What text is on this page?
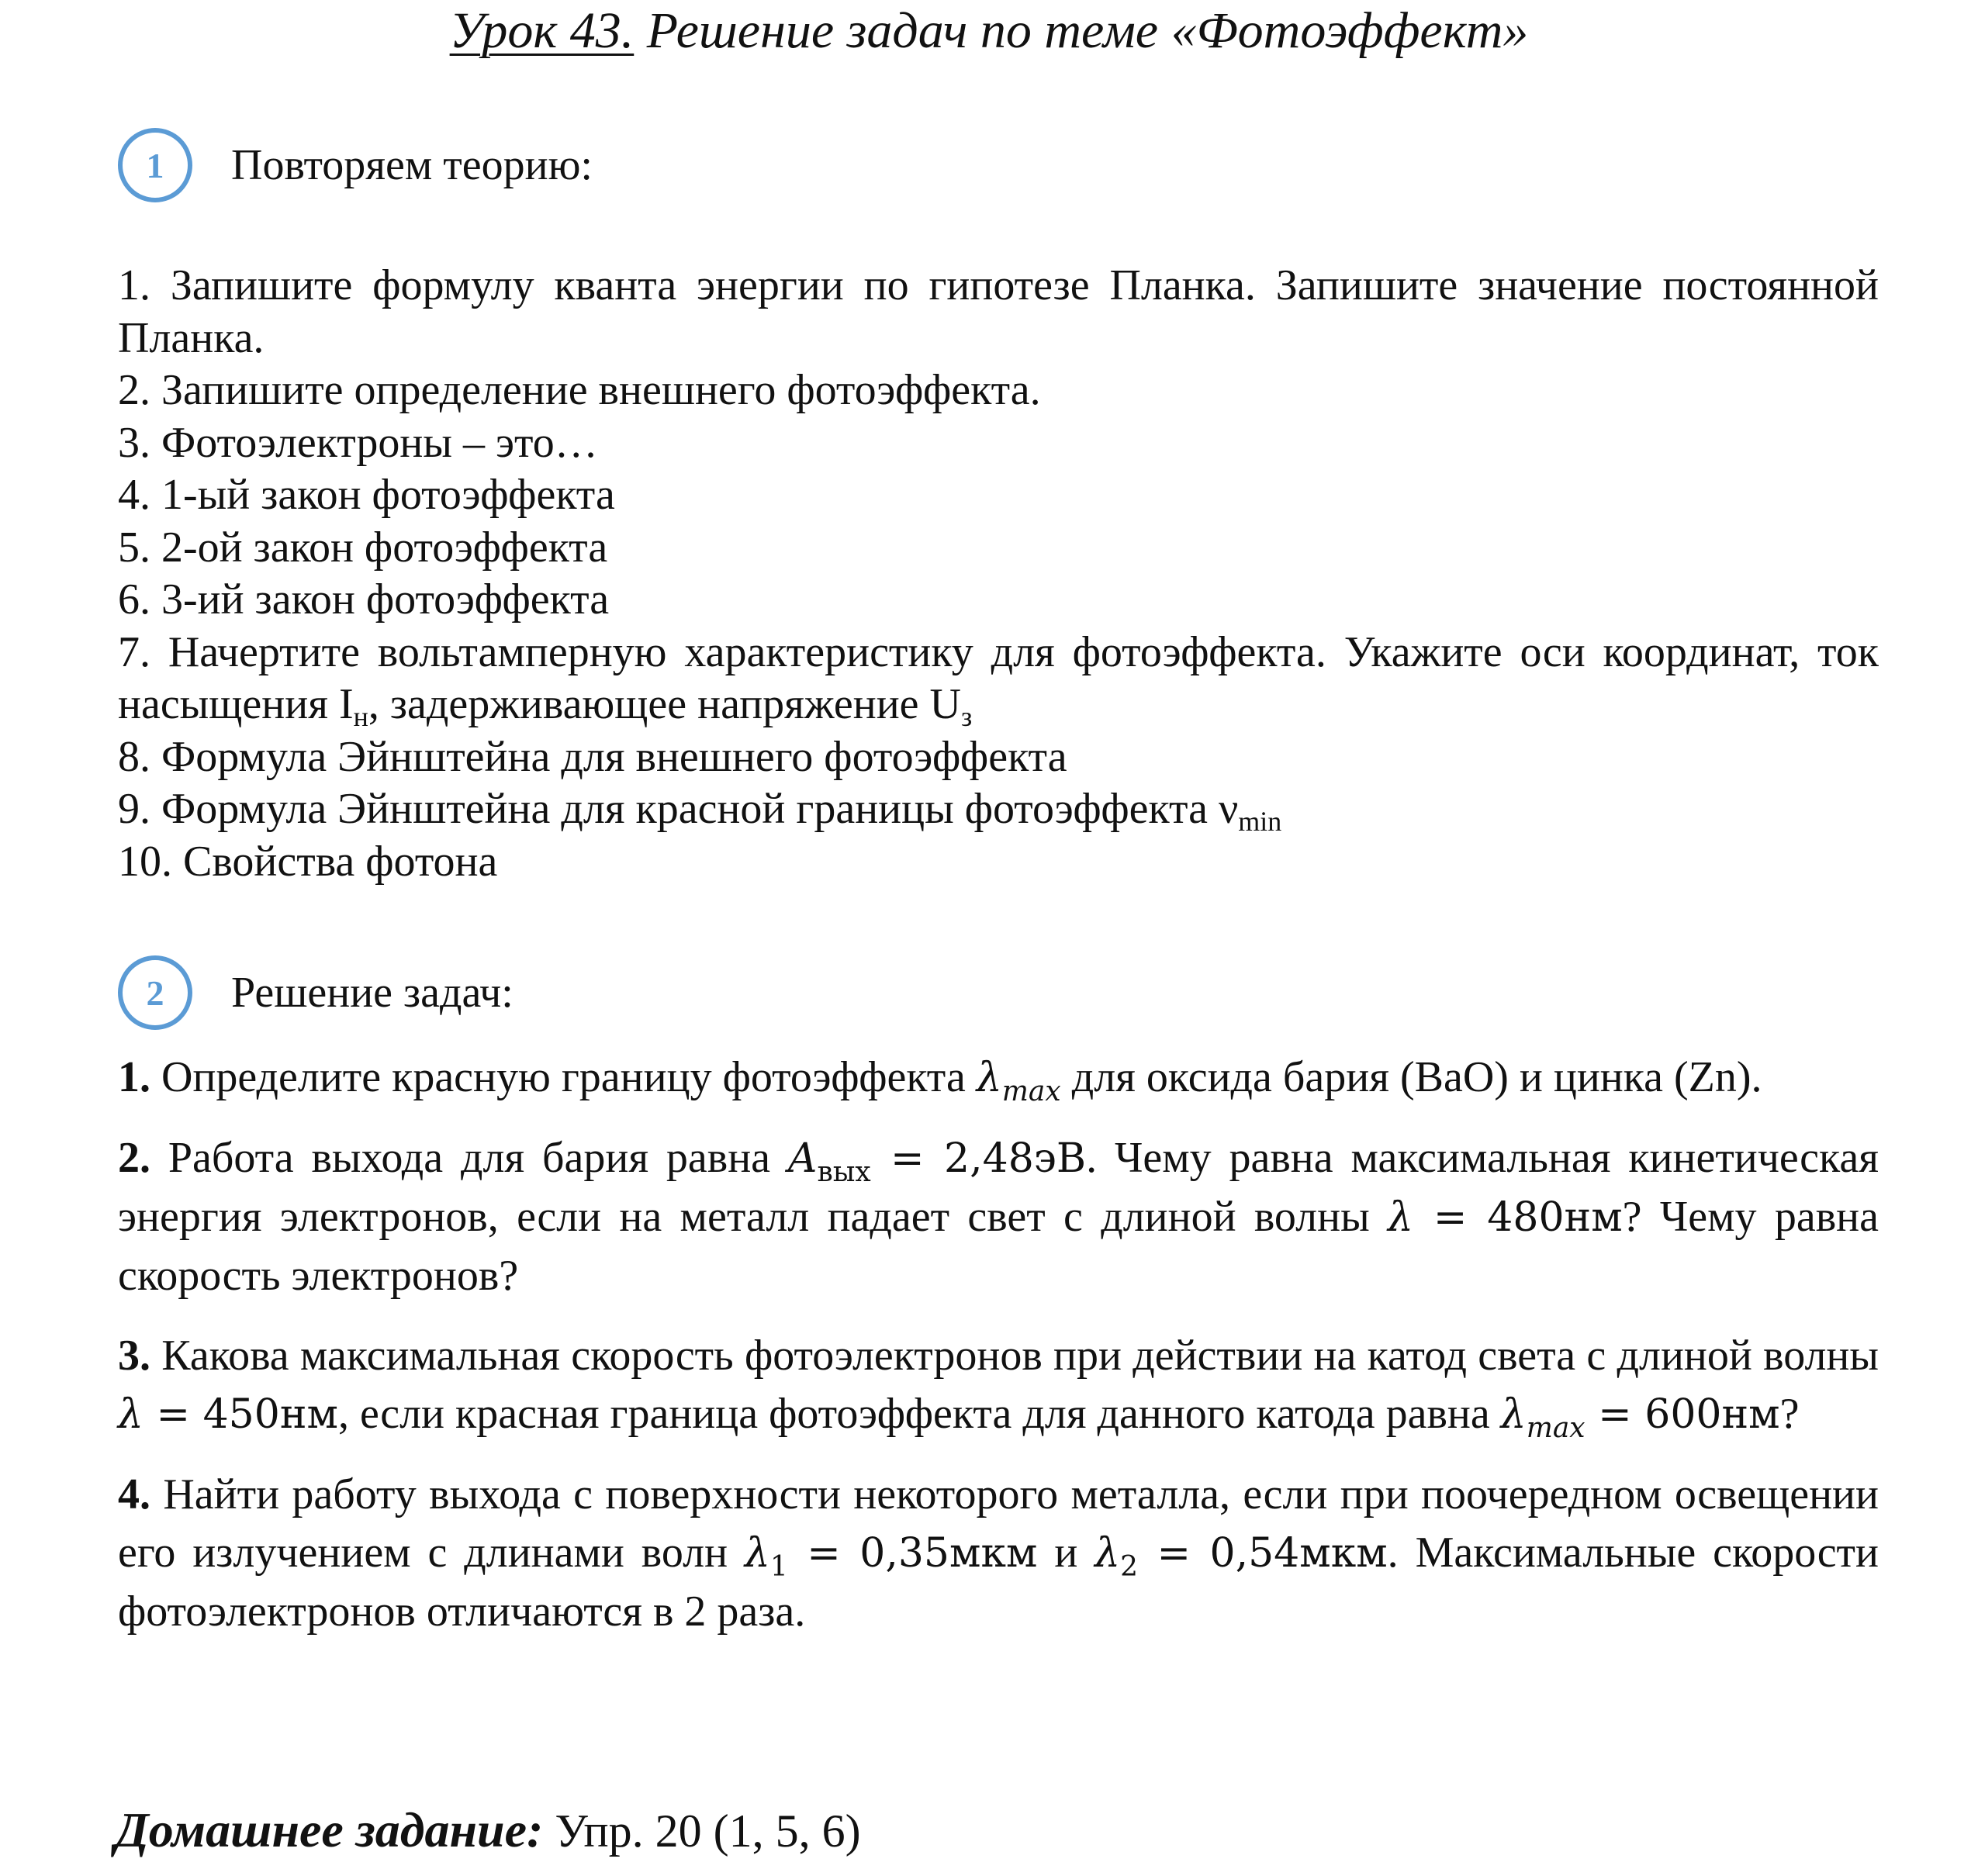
Урок 43. Решение задач по теме «Фотоэффект»
1	Повторяем теорию:
1. Запишите формулу кванта энергии по гипотезе Планка. Запишите значение постоянной Планка.
2. Запишите определение внешнего фотоэффекта.
3. Фотоэлектроны – это…
4. 1-ый закон фотоэффекта
5. 2-ой закон фотоэффекта
6. 3-ий закон фотоэффекта
7. Начертите вольтамперную характеристику для фотоэффекта. Укажите оси координат, ток насыщения $I_н$, задерживающее напряжение $U_з$
8. Формула Эйнштейна для внешнего фотоэффекта
9. Формула Эйнштейна для красной границы фотоэффекта $\nu_{min}$
10. Свойства фотона
2	Решение задач:
1. Определите красную границу фотоэффекта $\lambda_{max}$ для оксида бария (BaO) и цинка (Zn).
2. Работа выхода для бария равна $A_{вых} = 2,48эВ$. Чему равна максимальная кинетическая энергия электронов, если на металл падает свет с длиной волны λ = 480нм? Чему равна скорость электронов?
3. Какова максимальная скорость фотоэлектронов при действии на катод света с длиной волны λ = 450нм, если красная граница фотоэффекта для данного катода равна $\lambda_{max} = 600нм$?
4. Найти работу выхода с поверхности некоторого металла, если при поочередном освещении его излучением с длинами волн $\lambda_1 = 0,35мкм$ и $\lambda_2 = 0,54мкм$. Максимальные скорости фотоэлектронов отличаются в 2 раза.
Домашнее задание: Упр. 20 (1, 5, 6)
